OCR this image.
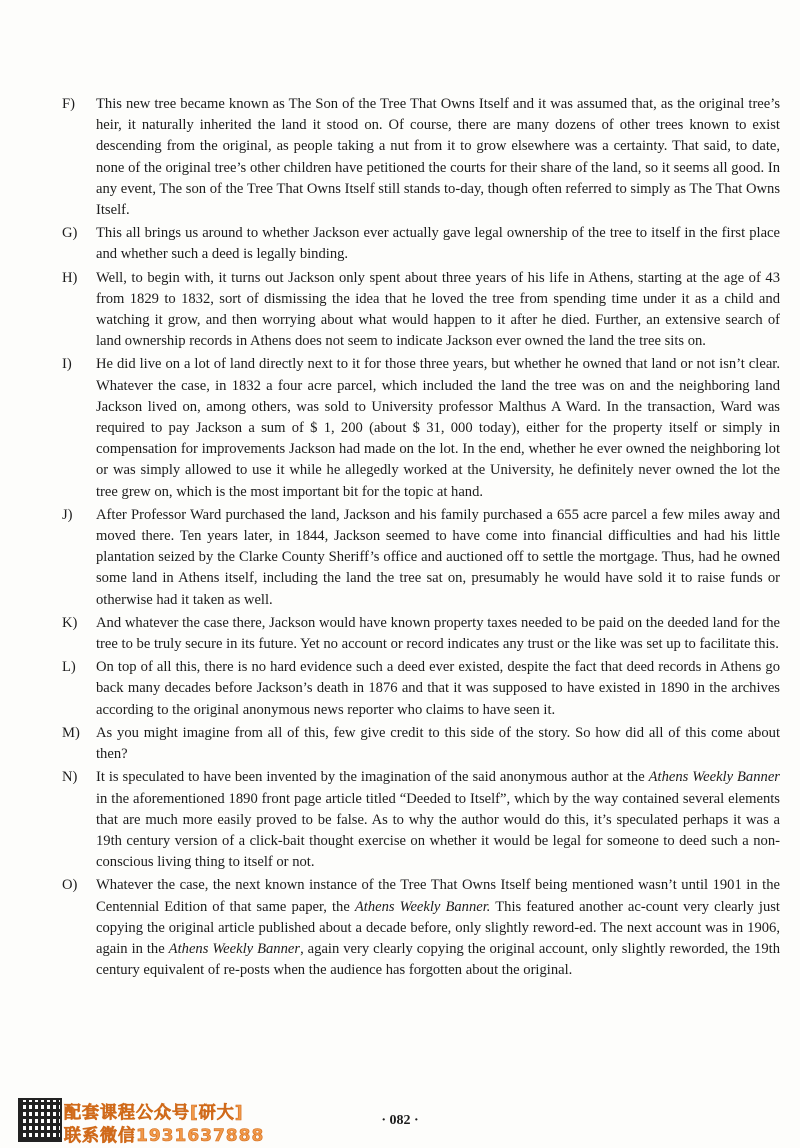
F)	This new tree became known as The Son of the Tree That Owns Itself and it was assumed that, as the original tree’s heir, it naturally inherited the land it stood on. Of course, there are many dozens of other trees known to exist descending from the original, as people taking a nut from it to grow elsewhere was a certainty. That said, to date, none of the original tree’s other children have petitioned the courts for their share of the land, so it seems all good. In any event, The son of the Tree That Owns Itself still stands to-day, though often referred to simply as The That Owns Itself.
G)	This all brings us around to whether Jackson ever actually gave legal ownership of the tree to itself in the first place and whether such a deed is legally binding.
H)	Well, to begin with, it turns out Jackson only spent about three years of his life in Athens, starting at the age of 43 from 1829 to 1832, sort of dismissing the idea that he loved the tree from spending time under it as a child and watching it grow, and then worrying about what would happen to it after he died. Further, an extensive search of land ownership records in Athens does not seem to indicate Jackson ever owned the land the tree sits on.
I)	He did live on a lot of land directly next to it for those three years, but whether he owned that land or not isn’t clear. Whatever the case, in 1832 a four acre parcel, which included the land the tree was on and the neighboring land Jackson lived on, among others, was sold to University professor Malthus A Ward. In the transaction, Ward was required to pay Jackson a sum of $ 1, 200 (about $ 31, 000 today), either for the property itself or simply in compensation for improvements Jackson had made on the lot. In the end, whether he ever owned the neighboring lot or was simply allowed to use it while he allegedly worked at the University, he definitely never owned the lot the tree grew on, which is the most important bit for the topic at hand.
J)	After Professor Ward purchased the land, Jackson and his family purchased a 655 acre parcel a few miles away and moved there. Ten years later, in 1844, Jackson seemed to have come into financial difficulties and had his little plantation seized by the Clarke County Sheriff’s office and auctioned off to settle the mortgage. Thus, had he owned some land in Athens itself, including the land the tree sat on, presumably he would have sold it to raise funds or otherwise had it taken as well.
K)	And whatever the case there, Jackson would have known property taxes needed to be paid on the deeded land for the tree to be truly secure in its future. Yet no account or record indicates any trust or the like was set up to facilitate this.
L)	On top of all this, there is no hard evidence such a deed ever existed, despite the fact that deed records in Athens go back many decades before Jackson’s death in 1876 and that it was supposed to have existed in 1890 in the archives according to the original anonymous news reporter who claims to have seen it.
M)	As you might imagine from all of this, few give credit to this side of the story. So how did all of this come about then?
N)	It is speculated to have been invented by the imagination of the said anonymous author at the Athens Weekly Banner in the aforementioned 1890 front page article titled “Deeded to Itself”, which by the way contained several elements that are much more easily proved to be false. As to why the author would do this, it’s speculated perhaps it was a 19th century version of a click-bait thought exercise on whether it would be legal for someone to deed such a non-conscious living thing to itself or not.
O)	Whatever the case, the next known instance of the Tree That Owns Itself being mentioned wasn’t until 1901 in the Centennial Edition of that same paper, the Athens Weekly Banner. This featured another ac-count very clearly just copying the original article published about a decade before, only slightly reword-ed. The next account was in 1906, again in the Athens Weekly Banner, again very clearly copying the original account, only slightly reworded, the 19th century equivalent of re-posts when the audience has forgotten about the original.
· 082 ·
配套课程公众号[研大]
联系微信1931637888
